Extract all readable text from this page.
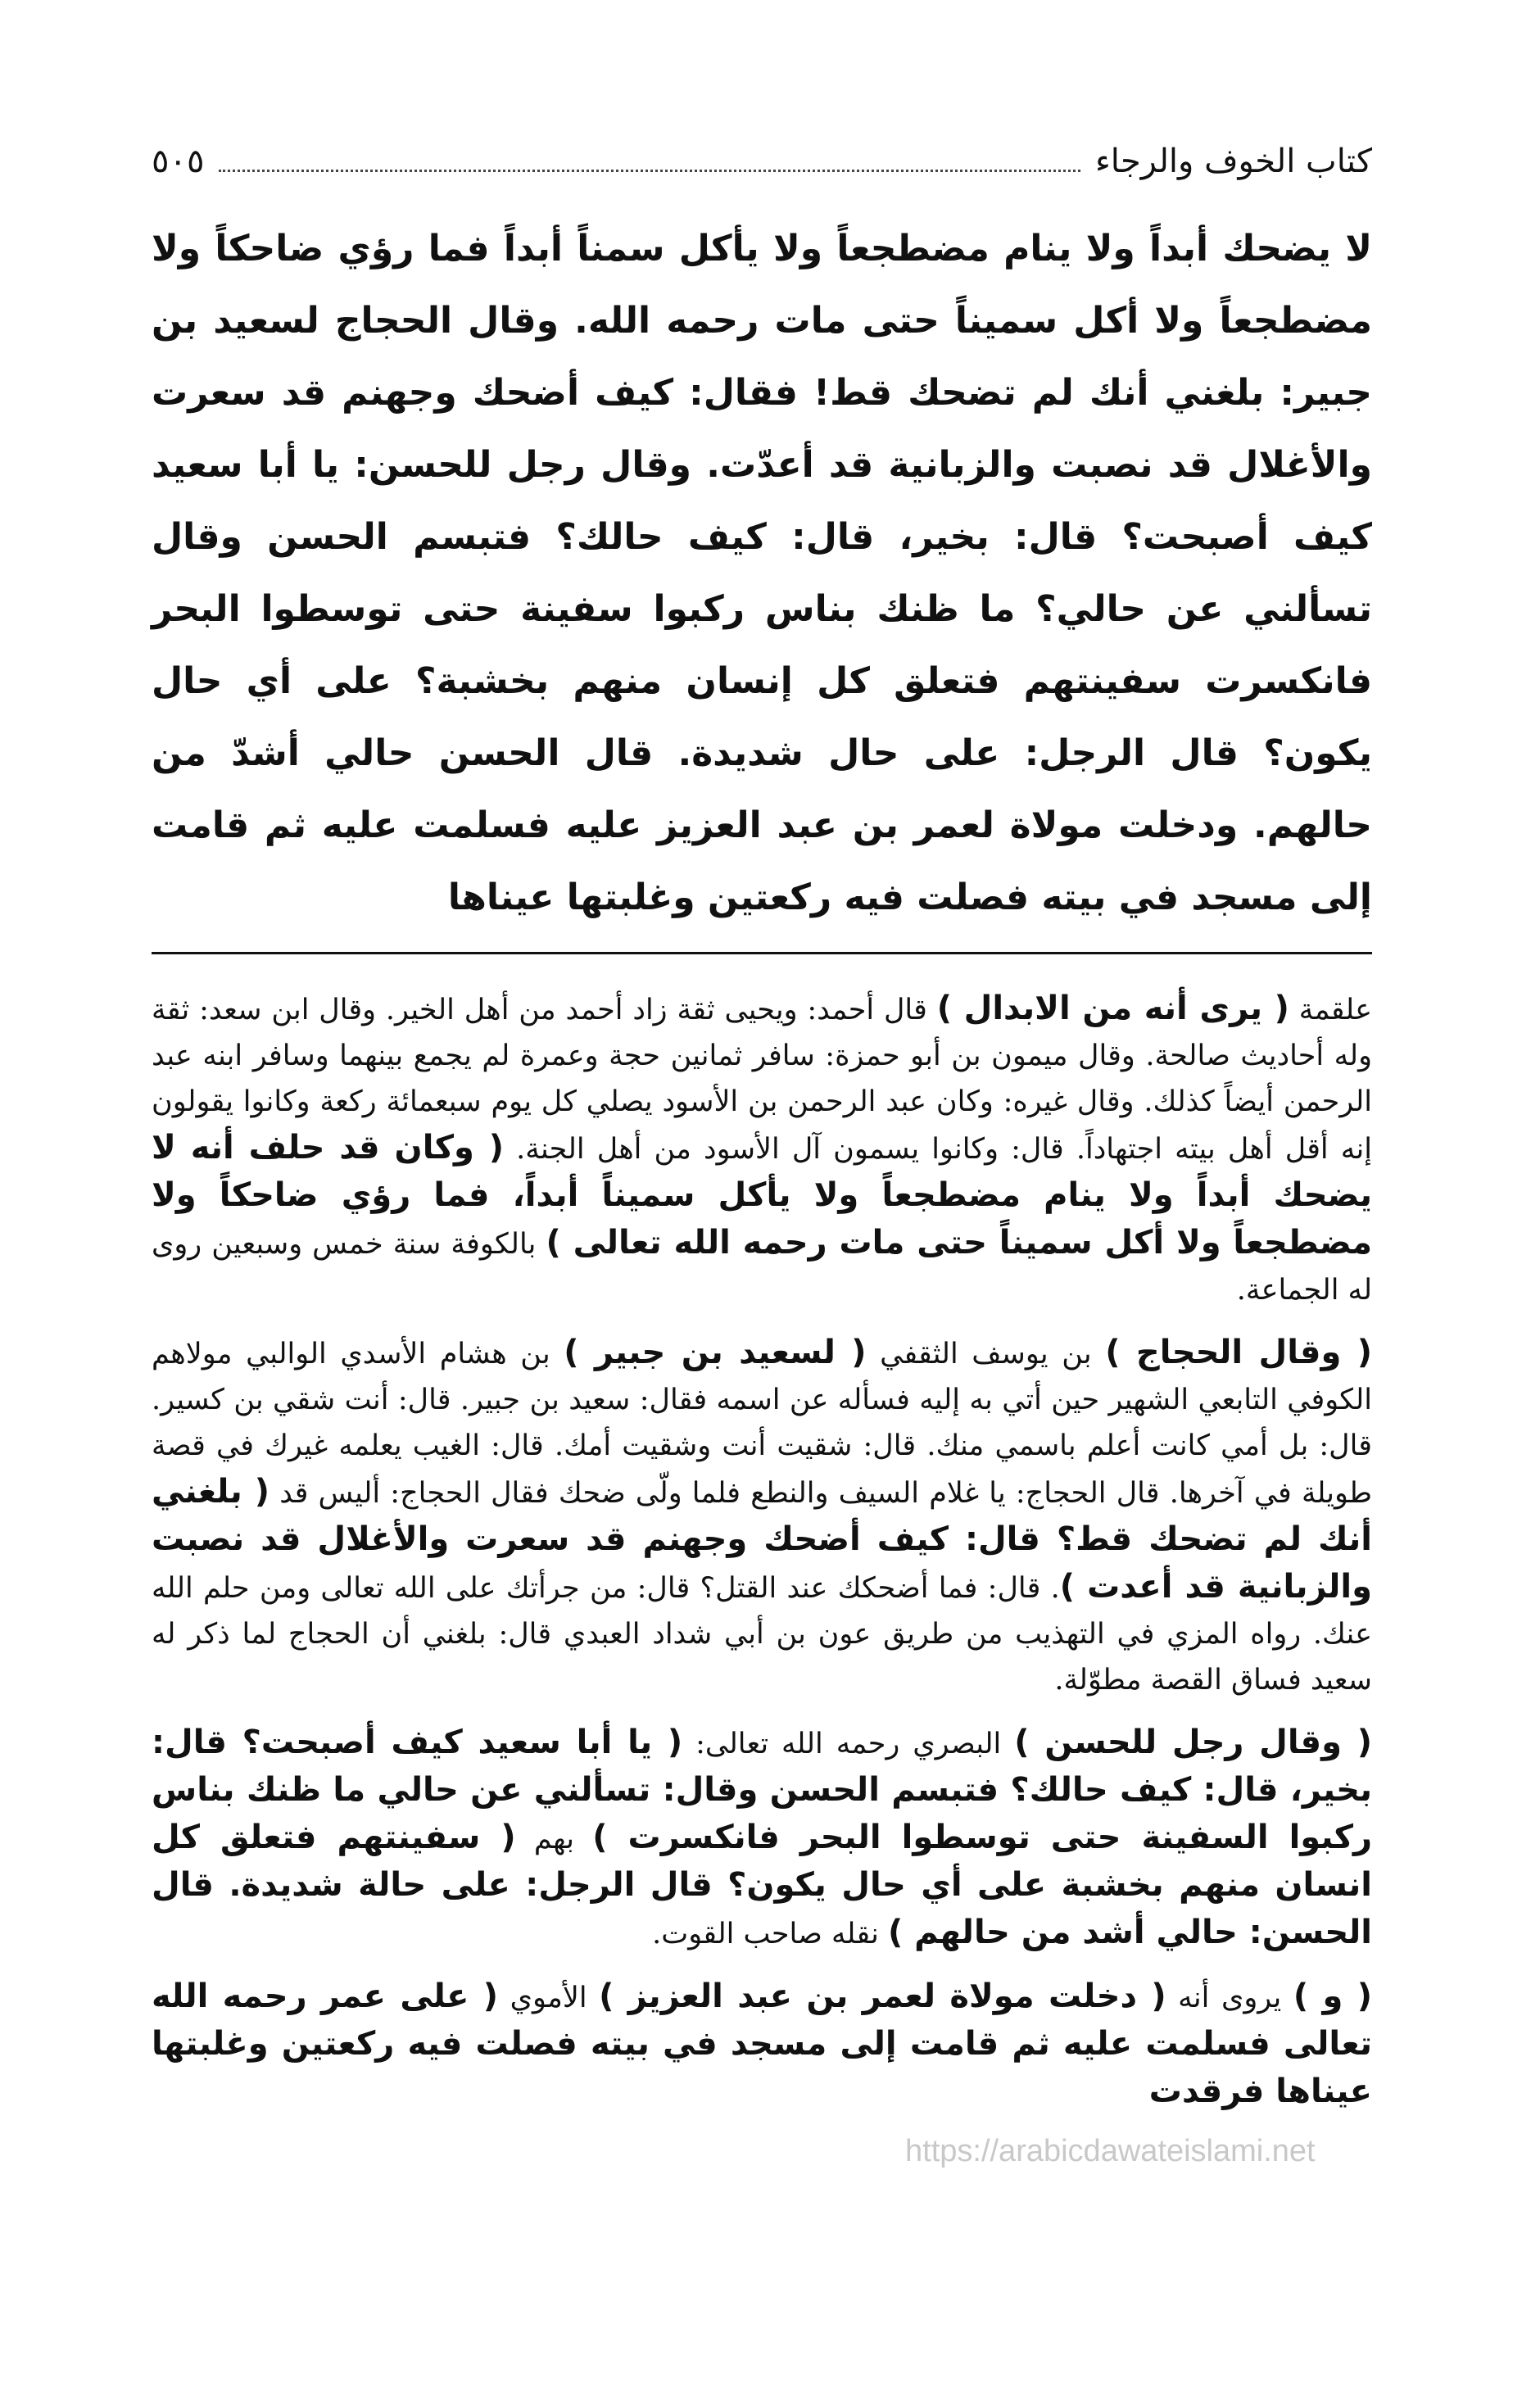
كتاب الخوف والرجاء
٥٠٥
لا يضحك أبداً ولا ينام مضطجعاً ولا يأكل سمناً أبداً فما رؤي ضاحكاً ولا مضطجعاً ولا أكل سميناً حتى مات رحمه الله. وقال الحجاج لسعيد بن جبير: بلغني أنك لم تضحك قط! فقال: كيف أضحك وجهنم قد سعرت والأغلال قد نصبت والزبانية قد أعدّت. وقال رجل للحسن: يا أبا سعيد كيف أصبحت؟ قال: بخير، قال: كيف حالك؟ فتبسم الحسن وقال تسألني عن حالي؟ ما ظنك بناس ركبوا سفينة حتى توسطوا البحر فانكسرت سفينتهم فتعلق كل إنسان منهم بخشبة؟ على أي حال يكون؟ قال الرجل: على حال شديدة. قال الحسن حالي أشدّ من حالهم. ودخلت مولاة لعمر بن عبد العزيز عليه فسلمت عليه ثم قامت إلى مسجد في بيته فصلت فيه ركعتين وغلبتها عيناها

علقمة ( يرى أنه من الابدال ) قال أحمد: ويحيى ثقة زاد أحمد من أهل الخير. وقال ابن سعد: ثقة وله أحاديث صالحة. وقال ميمون بن أبو حمزة: سافر ثمانين حجة وعمرة لم يجمع بينهما وسافر ابنه عبد الرحمن أيضاً كذلك. وقال غيره: وكان عبد الرحمن بن الأسود يصلي كل يوم سبعمائة ركعة وكانوا يقولون إنه أقل أهل بيته اجتهاداً. قال: وكانوا يسمون آل الأسود من أهل الجنة. ( وكان قد حلف أنه لا يضحك أبداً ولا ينام مضطجعاً ولا يأكل سميناً أبداً، فما رؤي ضاحكاً ولا مضطجعاً ولا أكل سميناً حتى مات رحمه الله تعالى ) بالكوفة سنة خمس وسبعين روى له الجماعة.

( وقال الحجاج ) بن يوسف الثقفي ( لسعيد بن جبير ) بن هشام الأسدي الوالبي مولاهم الكوفي التابعي الشهير حين أتي به إليه فسأله عن اسمه فقال: سعيد بن جبير. قال: أنت شقي بن كسير. قال: بل أمي كانت أعلم باسمي منك. قال: شقيت أنت وشقيت أمك. قال: الغيب يعلمه غيرك في قصة طويلة في آخرها. قال الحجاج: يا غلام السيف والنطع فلما ولّى ضحك فقال الحجاج: أليس قد ( بلغني أنك لم تضحك قط؟ قال: كيف أضحك وجهنم قد سعرت والأغلال قد نصبت والزبانية قد أعدت ). قال: فما أضحكك عند القتل؟ قال: من جرأتك على الله تعالى ومن حلم الله عنك. رواه المزي في التهذيب من طريق عون بن أبي شداد العبدي قال: بلغني أن الحجاج لما ذكر له سعيد فساق القصة مطوّلة.

( وقال رجل للحسن ) البصري رحمه الله تعالى: ( يا أبا سعيد كيف أصبحت؟ قال: بخير، قال: كيف حالك؟ فتبسم الحسن وقال: تسألني عن حالي ما ظنك بناس ركبوا السفينة حتى توسطوا البحر فانكسرت ) بهم ( سفينتهم فتعلق كل انسان منهم بخشبة على أي حال يكون؟ قال الرجل: على حالة شديدة. قال الحسن: حالي أشد من حالهم ) نقله صاحب القوت.

( و ) يروى أنه ( دخلت مولاة لعمر بن عبد العزيز ) الأموي ( على عمر رحمه الله تعالى فسلمت عليه ثم قامت إلى مسجد في بيته فصلت فيه ركعتين وغلبتها عيناها فرقدت

https://arabicdawateislami.net
